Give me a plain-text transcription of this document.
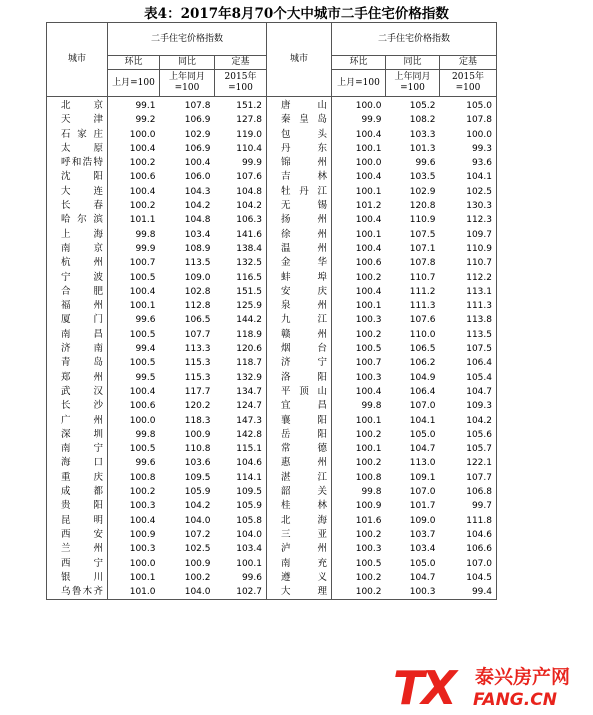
表4：2017年8月70个大中城市二手住宅价格指数
城市	二手住宅价格指数			城市	二手住宅价格指数		
	环比	同比	定基		环比	同比	定基
	上月=100	上年同月=100	2015年=100		上月=100	上年同月=100	2015年=100
北京	99.1	107.8	151.2	唐山	100.0	105.2	105.0
天津	99.2	106.9	127.8	秦皇岛	99.9	108.2	107.8
石家庄	100.0	102.9	119.0	包头	100.4	103.3	100.0
太原	100.4	106.9	110.4	丹东	100.1	101.3	99.3
呼和浩特	100.2	100.4	99.9	锦州	100.0	99.6	93.6
沈阳	100.6	106.0	107.6	吉林	100.4	103.5	104.1
大连	100.4	104.3	104.8	牡丹江	100.1	102.9	102.5
长春	100.2	104.2	104.2	无锡	101.2	120.8	130.3
哈尔滨	101.1	104.8	106.3	扬州	100.4	110.9	112.3
上海	99.8	103.4	141.6	徐州	100.1	107.5	109.7
南京	99.9	108.9	138.4	温州	100.4	107.1	110.9
杭州	100.7	113.5	132.5	金华	100.6	107.8	110.7
宁波	100.5	109.0	116.5	蚌埠	100.2	110.7	112.2
合肥	100.4	102.8	151.5	安庆	100.4	111.2	113.1
福州	100.1	112.8	125.9	泉州	100.1	111.3	111.3
厦门	99.6	106.5	144.2	九江	100.3	107.6	113.8
南昌	100.5	107.7	118.9	赣州	100.2	110.0	113.5
济南	99.4	113.3	120.6	烟台	100.5	106.5	107.5
青岛	100.5	115.3	118.7	济宁	100.7	106.2	106.4
郑州	99.5	115.3	132.9	洛阳	100.3	104.9	105.4
武汉	100.4	117.7	134.7	平顶山	100.4	106.4	104.7
长沙	100.6	120.2	124.7	宜昌	99.8	107.0	109.3
广州	100.0	118.3	147.3	襄阳	100.1	104.1	104.2
深圳	99.8	100.9	142.8	岳阳	100.2	105.0	105.6
南宁	100.5	110.8	115.1	常德	100.1	104.7	105.7
海口	99.6	103.6	104.6	惠州	100.2	113.0	122.1
重庆	100.8	109.5	114.1	湛江	100.8	109.1	107.7
成都	100.2	105.9	109.5	韶关	99.8	107.0	106.8
贵阳	100.3	104.2	105.9	桂林	100.9	101.7	99.7
昆明	100.4	104.0	105.8	北海	101.6	109.0	111.8
西安	100.9	107.2	104.0	三亚	100.2	103.7	104.6
兰州	100.3	102.5	103.4	泸州	100.3	103.4	106.6
西宁	100.0	100.9	100.1	南充	100.5	105.0	107.0
银川	100.1	100.2	99.6	遵义	100.2	104.7	104.5
乌鲁木齐	101.0	104.0	102.7	大理	100.2	100.3	99.4
TX 泰兴房产网
FANG.CN
